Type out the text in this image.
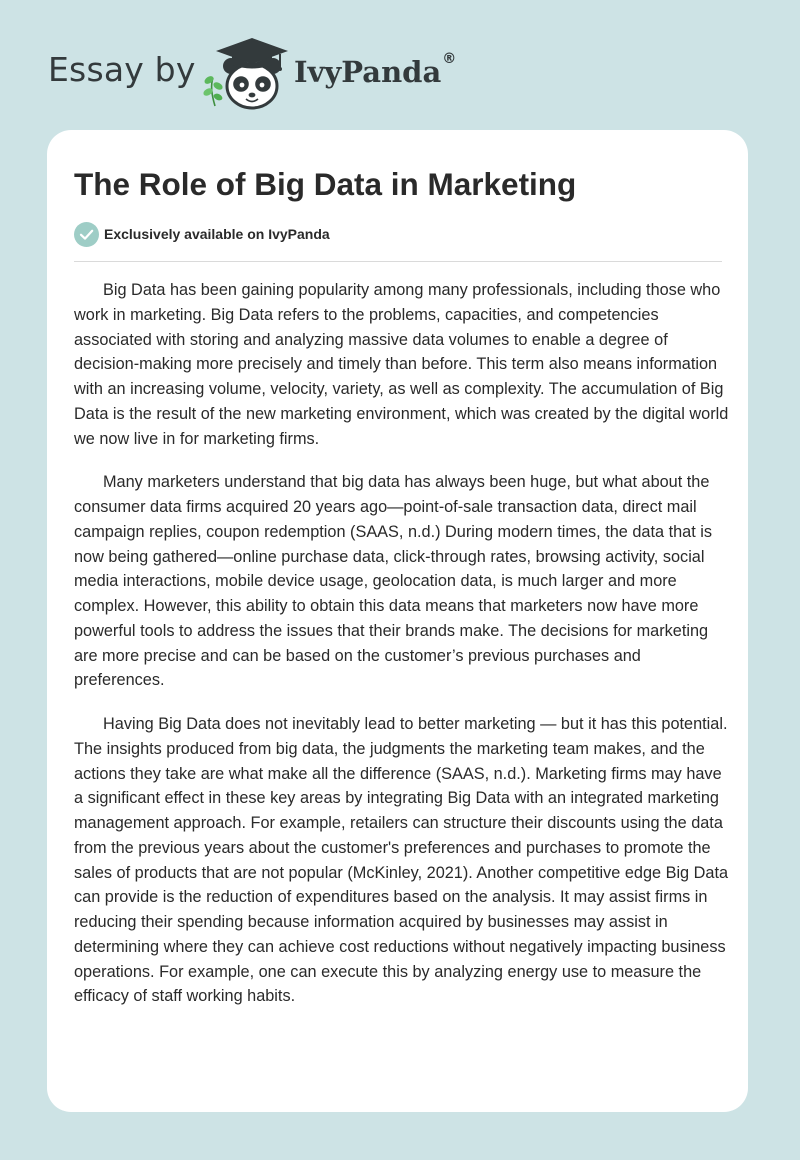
Essay by	IvyPanda®
The Role of Big Data in Marketing
Exclusively available on IvyPanda

Big Data has been gaining popularity among many professionals, including those who work in marketing. Big Data refers to the problems, capacities, and competencies associated with storing and analyzing massive data volumes to enable a degree of decision-making more precisely and timely than before. This term also means information with an increasing volume, velocity, variety, as well as complexity. The accumulation of Big Data is the result of the new marketing environment, which was created by the digital world we now live in for marketing firms.

Many marketers understand that big data has always been huge, but what about the consumer data firms acquired 20 years ago—point-of-sale transaction data, direct mail campaign replies, coupon redemption (SAAS, n.d.) During modern times, the data that is now being gathered—online purchase data, click-through rates, browsing activity, social media interactions, mobile device usage, geolocation data, is much larger and more complex. However, this ability to obtain this data means that marketers now have more powerful tools to address the issues that their brands make. The decisions for marketing are more precise and can be based on the customer’s previous purchases and preferences.

Having Big Data does not inevitably lead to better marketing — but it has this potential. The insights produced from big data, the judgments the marketing team makes, and the actions they take are what make all the difference (SAAS, n.d.). Marketing firms may have a significant effect in these key areas by integrating Big Data with an integrated marketing management approach. For example, retailers can structure their discounts using the data from the previous years about the customer's preferences and purchases to promote the sales of products that are not popular (McKinley, 2021). Another competitive edge Big Data can provide is the reduction of expenditures based on the analysis. It may assist firms in reducing their spending because information acquired by businesses may assist in determining where they can achieve cost reductions without negatively impacting business operations. For example, one can execute this by analyzing energy use to measure the efficacy of staff working habits.
